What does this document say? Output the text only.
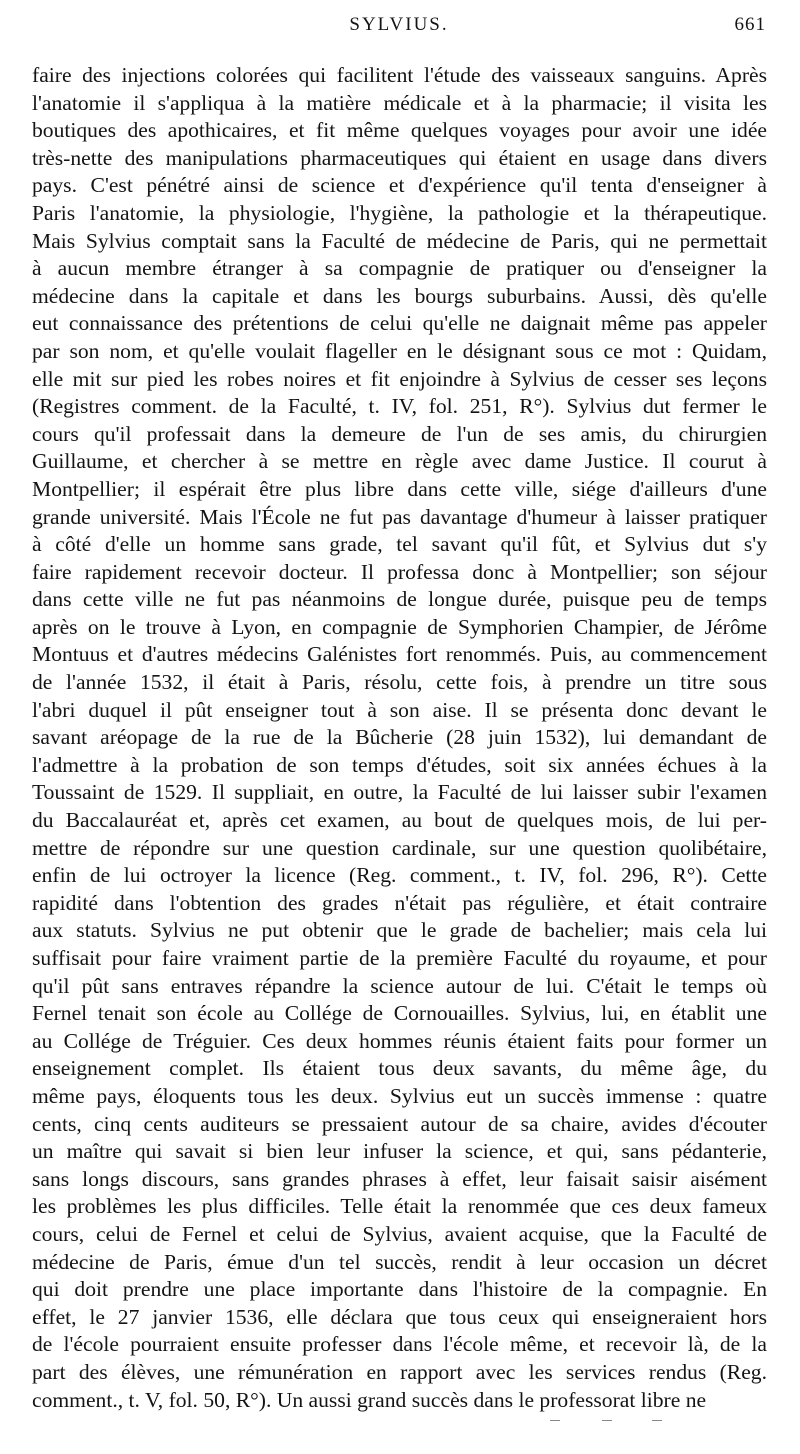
SYLVIUS.	661
faire des injections colorées qui facilitent l'étude des vaisseaux sanguins. Après
l'anatomie il s'appliqua à la matière médicale et à la pharmacie; il visita les
boutiques des apothicaires, et fit même quelques voyages pour avoir une idée
très-nette des manipulations pharmaceutiques qui étaient en usage dans divers
pays. C'est pénétré ainsi de science et d'expérience qu'il tenta d'enseigner à
Paris l'anatomie, la physiologie, l'hygiène, la pathologie et la thérapeutique.
Mais Sylvius comptait sans la Faculté de médecine de Paris, qui ne permettait
à aucun membre étranger à sa compagnie de pratiquer ou d'enseigner la
médecine dans la capitale et dans les bourgs suburbains. Aussi, dès qu'elle
eut connaissance des prétentions de celui qu'elle ne daignait même pas appeler
par son nom, et qu'elle voulait flageller en le désignant sous ce mot : Quidam,
elle mit sur pied les robes noires et fit enjoindre à Sylvius de cesser ses leçons
(Registres comment. de la Faculté, t. IV, fol. 251, R°). Sylvius dut fermer le
cours qu'il professait dans la demeure de l'un de ses amis, du chirurgien
Guillaume, et chercher à se mettre en règle avec dame Justice. Il courut à
Montpellier; il espérait être plus libre dans cette ville, siége d'ailleurs d'une
grande université. Mais l'École ne fut pas davantage d'humeur à laisser pratiquer
à côté d'elle un homme sans grade, tel savant qu'il fût, et Sylvius dut s'y
faire rapidement recevoir docteur. Il professa donc à Montpellier; son séjour
dans cette ville ne fut pas néanmoins de longue durée, puisque peu de temps
après on le trouve à Lyon, en compagnie de Symphorien Champier, de Jérôme
Montuus et d'autres médecins Galénistes fort renommés. Puis, au commencement
de l'année 1532, il était à Paris, résolu, cette fois, à prendre un titre sous
l'abri duquel il pût enseigner tout à son aise. Il se présenta donc devant le
savant aréopage de la rue de la Bûcherie (28 juin 1532), lui demandant de
l'admettre à la probation de son temps d'études, soit six années échues à la
Toussaint de 1529. Il suppliait, en outre, la Faculté de lui laisser subir l'examen
du Baccalauréat et, après cet examen, au bout de quelques mois, de lui per-
mettre de répondre sur une question cardinale, sur une question quolibétaire,
enfin de lui octroyer la licence (Reg. comment., t. IV, fol. 296, R°). Cette
rapidité dans l'obtention des grades n'était pas régulière, et était contraire
aux statuts. Sylvius ne put obtenir que le grade de bachelier; mais cela lui
suffisait pour faire vraiment partie de la première Faculté du royaume, et pour
qu'il pût sans entraves répandre la science autour de lui. C'était le temps où
Fernel tenait son école au Collége de Cornouailles. Sylvius, lui, en établit une
au Collége de Tréguier. Ces deux hommes réunis étaient faits pour former un
enseignement complet. Ils étaient tous deux savants, du même âge, du
même pays, éloquents tous les deux. Sylvius eut un succès immense : quatre
cents, cinq cents auditeurs se pressaient autour de sa chaire, avides d'écouter
un maître qui savait si bien leur infuser la science, et qui, sans pédanterie,
sans longs discours, sans grandes phrases à effet, leur faisait saisir aisément
les problèmes les plus difficiles. Telle était la renommée que ces deux fameux
cours, celui de Fernel et celui de Sylvius, avaient acquise, que la Faculté de
médecine de Paris, émue d'un tel succès, rendit à leur occasion un décret
qui doit prendre une place importante dans l'histoire de la compagnie. En
effet, le 27 janvier 1536, elle déclara que tous ceux qui enseigneraient hors
de l'école pourraient ensuite professer dans l'école même, et recevoir là, de la
part des élèves, une rémunération en rapport avec les services rendus (Reg.
comment., t. V, fol. 50, R°). Un aussi grand succès dans le professorat libre ne
